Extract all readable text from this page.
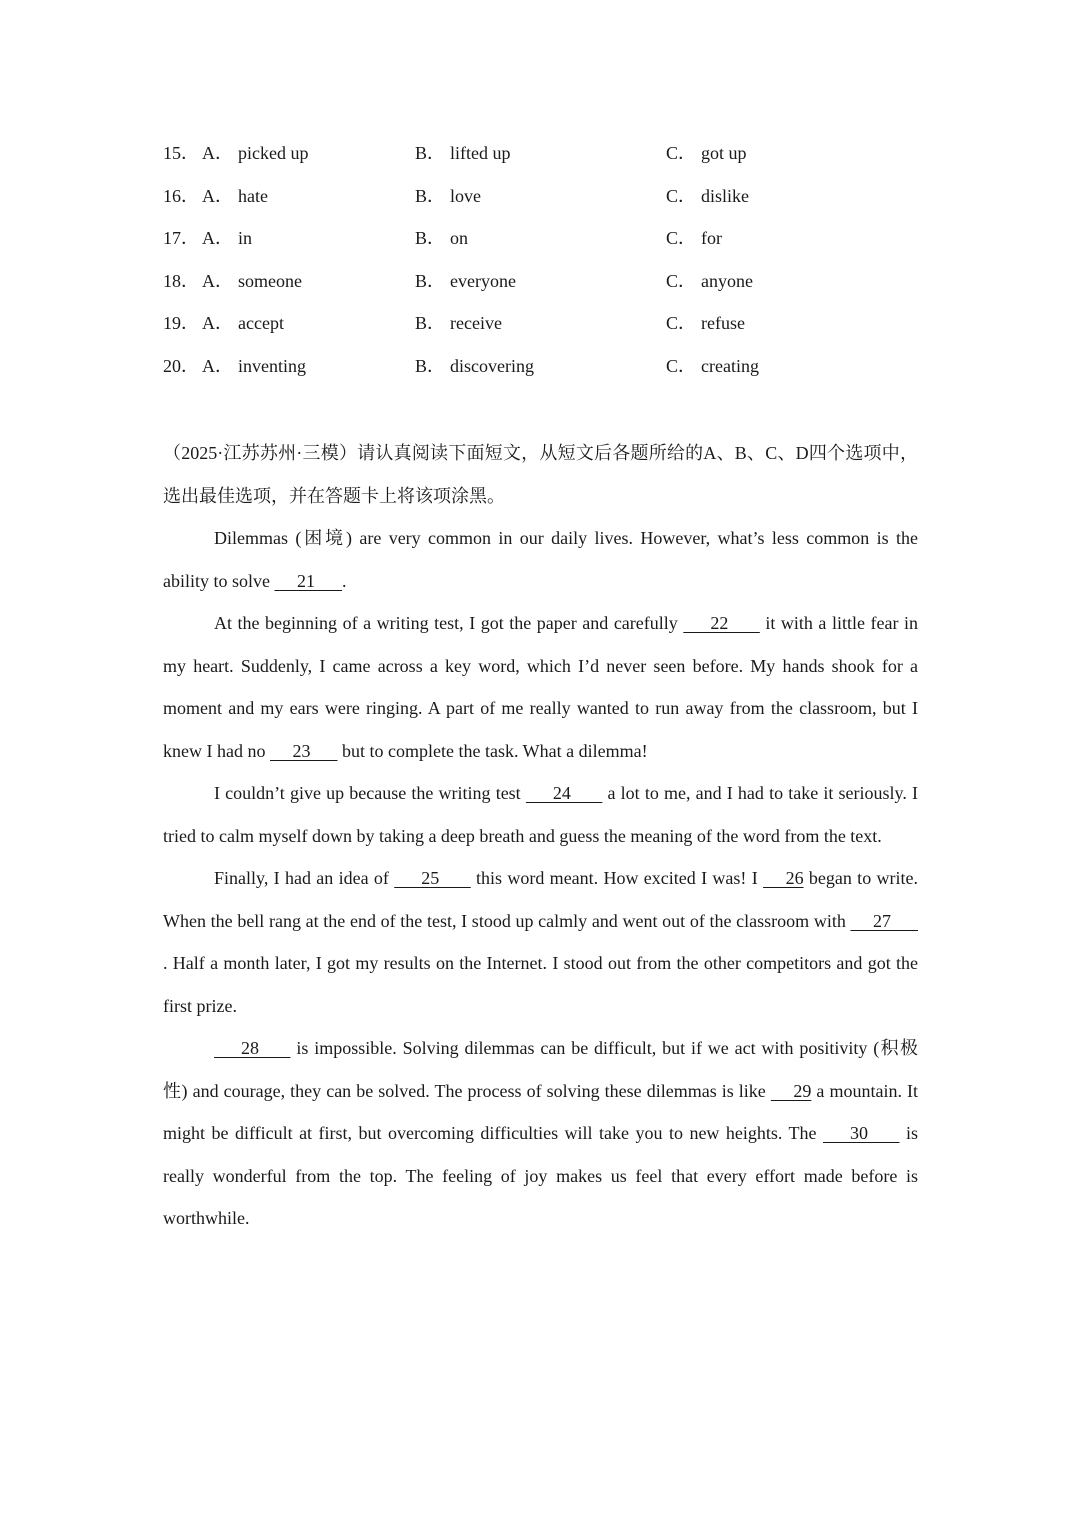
15． A． picked up	B． lifted up	C． got up
16． A． hate	B． love	C． dislike
17． A． in	B． on	C． for
18． A． someone	B． everyone	C． anyone
19． A． accept	B． receive	C． refuse
20． A． inventing	B． discovering	C． creating

（2025·江苏苏州·三模）请认真阅读下面短文，从短文后各题所给的A、B、C、D四个选项中，选出最佳选项，并在答题卡上将该项涂黑。

Dilemmas (困境) are very common in our daily lives. However, what’s less common is the ability to solve      21      .

At the beginning of a writing test, I got the paper and carefully       22        it with a little fear in my heart. Suddenly, I came across a key word, which I’d never seen before. My hands shook for a moment and my ears were ringing. A part of me really wanted to run away from the classroom, but I knew I had no      23       but to complete the task. What a dilemma!

I couldn’t give up because the writing test       24        a lot to me, and I had to take it seriously. I tried to calm myself down by taking a deep breath and guess the meaning of the word from the text.

Finally, I had an idea of       25        this word meant. How excited I was! I      26 began to write. When the bell rang at the end of the test, I stood up calmly and went out of the classroom with      27      . Half a month later, I got my results on the Internet. I stood out from the other competitors and got the first prize.

28        is impossible. Solving dilemmas can be difficult, but if we act with positivity (积极性) and courage, they can be solved. The process of solving these dilemmas is like      29 a mountain. It might be difficult at first, but overcoming difficulties will take you to new heights. The       30        is really wonderful from the top. The feeling of joy makes us feel that every effort made before is worthwhile.
